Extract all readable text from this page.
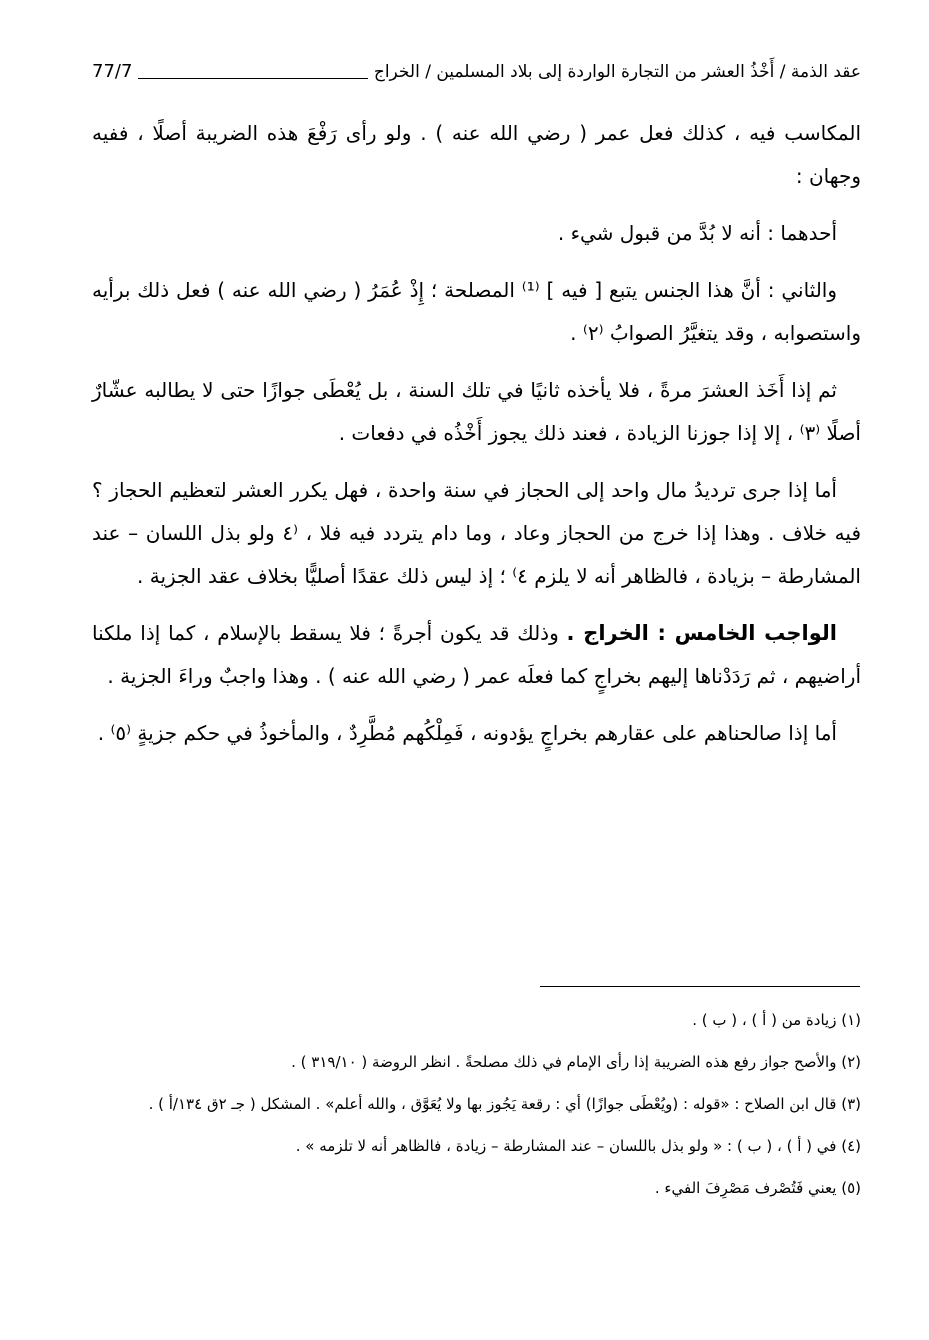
عقد الذمة / أَخْذُ العشر من التجارة الواردة إلى بلاد المسلمين / الخراج
77/7

المكاسب فيه ، كذلك فعل عمر ( رضي الله عنه ) . ولو رأى رَفْعَ هذه الضريبة أصلًا ، ففيه وجهان :

أحدهما : أنه لا بُدَّ من قبول شيء .

والثاني : أنَّ هذا الجنس يتبع [ فيه ] ⁽¹⁾ المصلحة ؛ إِذْ عُمَرُ ( رضي الله عنه ) فعل ذلك برأيه واستصوابه ، وقد يتغيَّرُ الصوابُ ⁽٢⁾ .

ثم إذا أَخَذ العشرَ مرةً ، فلا يأخذه ثانيًا في تلك السنة ، بل يُعْطَى جوازًا حتى لا يطالبه عشّارٌ أصلًا ⁽٣⁾ ، إلا إذا جوزنا الزيادة ، فعند ذلك يجوز أَخْذُه في دفعات .

أما إذا جرى ترديدُ مال واحد إلى الحجاز في سنة واحدة ، فهل يكرر العشر لتعظيم الحجاز ؟ فيه خلاف . وهذا إذا خرج من الحجاز وعاد ، وما دام يتردد فيه فلا ، ⁽٤ ولو بذل اللسان – عند المشارطة – بزيادة ، فالظاهر أنه لا يلزم ٤⁾ ؛ إذ ليس ذلك عقدًا أصليًّا بخلاف عقد الجزية .

الواجب الخامس : الخراج . وذلك قد يكون أجرةً ؛ فلا يسقط بالإسلام ، كما إذا ملكنا أراضيهم ، ثم رَدَدْناها إليهم بخراجٍ كما فعلَه عمر ( رضي الله عنه ) . وهذا واجبٌ وراءَ الجزية .

أما إذا صالحناهم على عقارهم بخراجٍ يؤدونه ، فَمِلْكُهم مُطَّرِدٌ ، والمأخوذُ في حكم جزيةٍ ⁽٥⁾ .

(١) زيادة من ( أ ) ، ( ب ) .

(٢) والأصح جواز رفع هذه الضريبة إذا رأى الإمام في ذلك مصلحةً . انظر الروضة ( ٣١٩/١٠ ) .

(٣) قال ابن الصلاح : «قوله : (ويُعْطَى جوازًا) أي : رقعة يَجُوز بها ولا يُعَوَّق ، والله أعلم» . المشكل ( جـ ٢ق ١٣٤/أ ) .

(٤) في ( أ ) ، ( ب ) : « ولو بذل باللسان – عند المشارطة – زيادة ، فالظاهر أنه لا تلزمه » .

(٥) يعني فَتُصْرف مَصْرِفَ الفيء .
